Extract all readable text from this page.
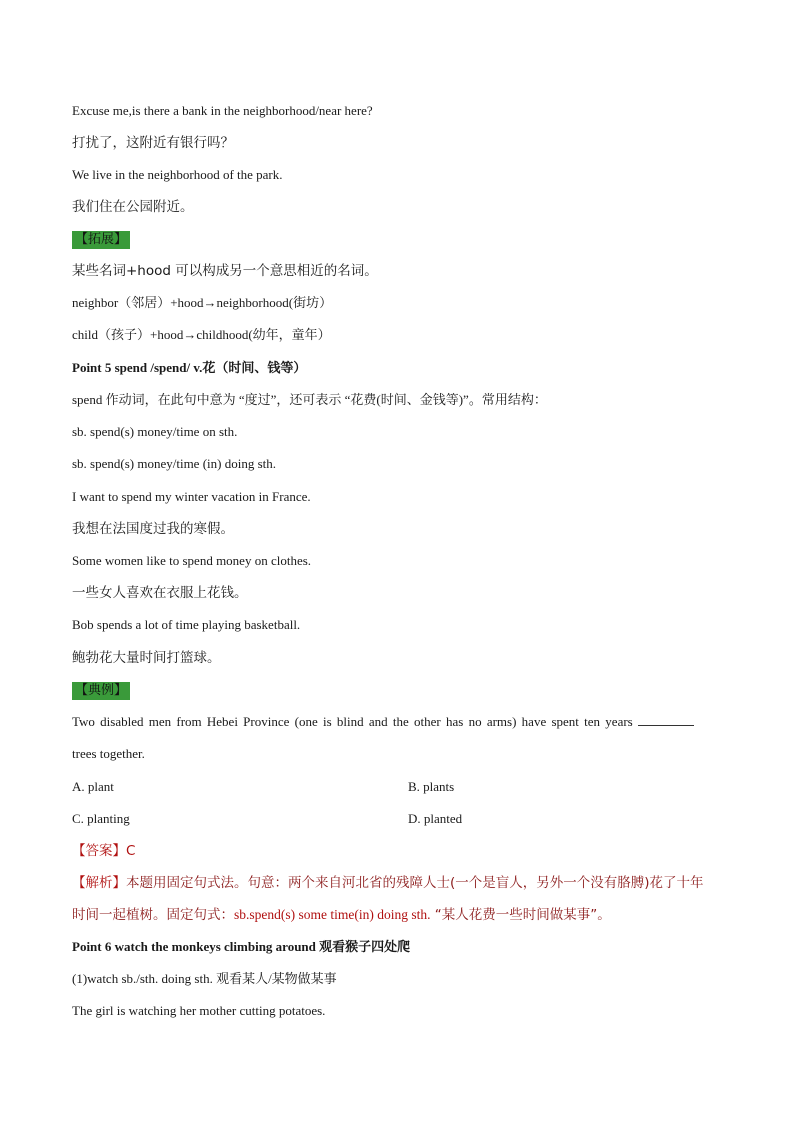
Excuse me,is there a bank in the neighborhood/near here?
打扰了，这附近有银行吗？
We live in the neighborhood of the park.
我们住在公园附近。
【拓展】
某些名词+hood 可以构成另一个意思相近的名词。
neighbor（邻居）+hood→neighborhood(街坊）
child（孩子）+hood→childhood(幼年，童年）
Point 5 spend /spend/ v.花（时间、钱等）
spend 作动词，在此句中意为 “度过”，还可表示 “花费(时间、金钱等)”。常用结构：
sb. spend(s) money/time on sth.
sb. spend(s) money/time (in) doing sth.
I want to spend my winter vacation in France.
我想在法国度过我的寒假。
Some women like to spend money on clothes.
一些女人喜欢在衣服上花钱。
Bob spends a lot of time playing basketball.
鲍勃花大量时间打篮球。
【典例】
Two disabled men from Hebei Province (one is blind and the other has no arms) have spent ten years
trees together.
A. plant	B. plants
C. planting	D. planted
【答案】C
【解析】本题用固定句式法。句意：两个来自河北省的残障人士(一个是盲人，另外一个没有胳膊)花了十年
时间一起植树。固定句式：sb.spend(s) some time(in) doing sth. “某人花费一些时间做某事”。
Point 6 watch the monkeys climbing around 观看猴子四处爬
(1)watch sb./sth. doing sth. 观看某人/某物做某事
The girl is watching her mother cutting potatoes.
